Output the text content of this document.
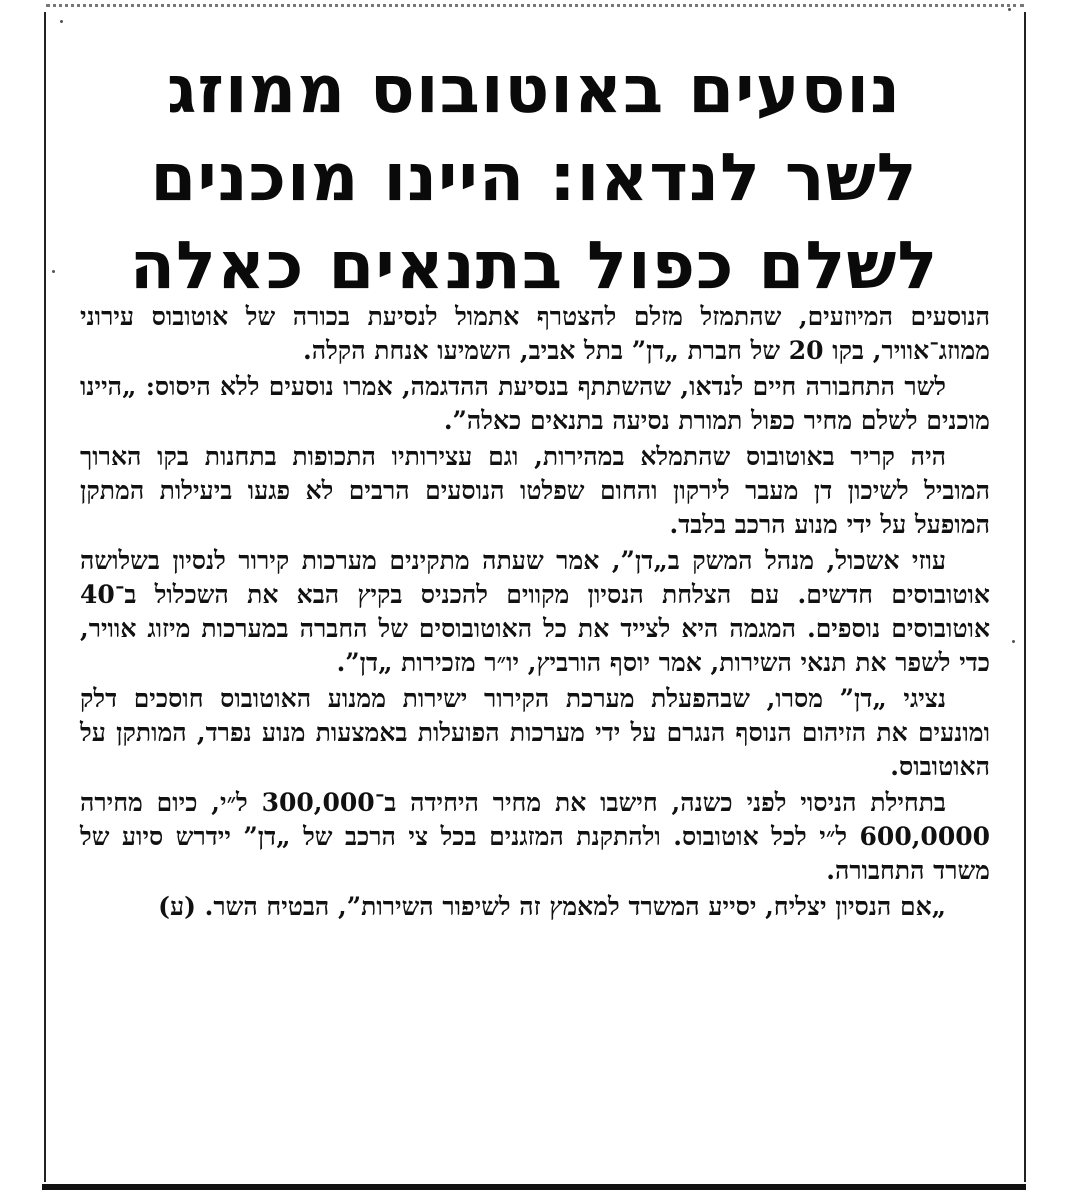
נוסעים באוטובוס ממוזג
לשר לנדאו: היינו מוכנים
לשלם כפול בתנאים כאלה

הנוסעים המיוזעים, שהתמזל מזלם להצטרף אתמול לנסיעת בכורה של אוטובוס עירוני ממוזג־אוויר, בקו 20 של חברת „דן” בתל אביב, השמיעו אנחת הקלה.

לשר התחבורה חיים לנדאו, שהשתתף בנסיעת ההדגמה, אמרו נוסעים ללא היסוס: „היינו מוכנים לשלם מחיר כפול תמורת נסיעה בתנאים כאלה”.

היה קריר באוטובוס שהתמלא במהירות, וגם עצירותיו התכופות בתחנות בקו הארוך המוביל לשיכון דן מעבר לירקון והחום שפלטו הנוסעים הרבים לא פגעו ביעילות המתקן המופעל על ידי מנוע הרכב בלבד.

עוזי אשכול, מנהל המשק ב„דן”, אמר שעתה מתקינים מערכות קירור לנסיון בשלושה אוטובוסים חדשים. עם הצלחת הנסיון מקווים להכניס בקיץ הבא את השכלול ב־40 אוטובוסים נוספים. המגמה היא לצייד את כל האוטובוסים של החברה במערכות מיזוג אוויר, כדי לשפר את תנאי השירות, אמר יוסף הורביץ, יו״ר מזכירות „דן”.

נציגי „דן” מסרו, שבהפעלת מערכת הקירור ישירות ממנוע האוטובוס חוסכים דלק ומונעים את הזיהום הנוסף הנגרם על ידי מערכות הפועלות באמצעות מנוע נפרד, המותקן על האוטובוס.

בתחילת הניסוי לפני כשנה, חישבו את מחיר היחידה ב־300,000 ל״י, כיום מחירה 600,0000 ל״י לכל אוטובוס. ולהתקנת המזגנים בכל צי הרכב של „דן” יידרש סיוע של משרד התחבורה.

„אם הנסיון יצליח, יסייע המשרד למאמץ זה לשיפור השירות”, הבטיח השר. (ע)
